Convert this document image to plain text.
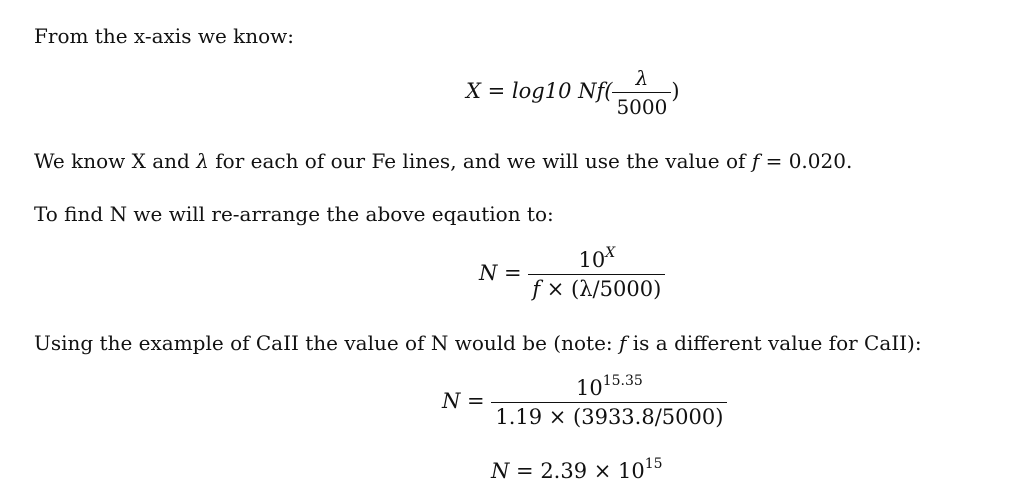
From the x-axis we know:
X = log10 $Nf( \frac{\lambda}{5000}$ )
We know X and λ for each of our Fe lines, and we will use the value of f = 0.020.
To find N we will re-arrange the above eqaution to:
$N = \frac{10^X}{f \times (\lambda/5000)}$
Using the example of CaII the value of N would be (note: f is a different value for CaII):
$N = \frac{10^{15.35}}{1.19 \times (3933.8/5000)}$
$N = 2.39 \times 10^{15}$
